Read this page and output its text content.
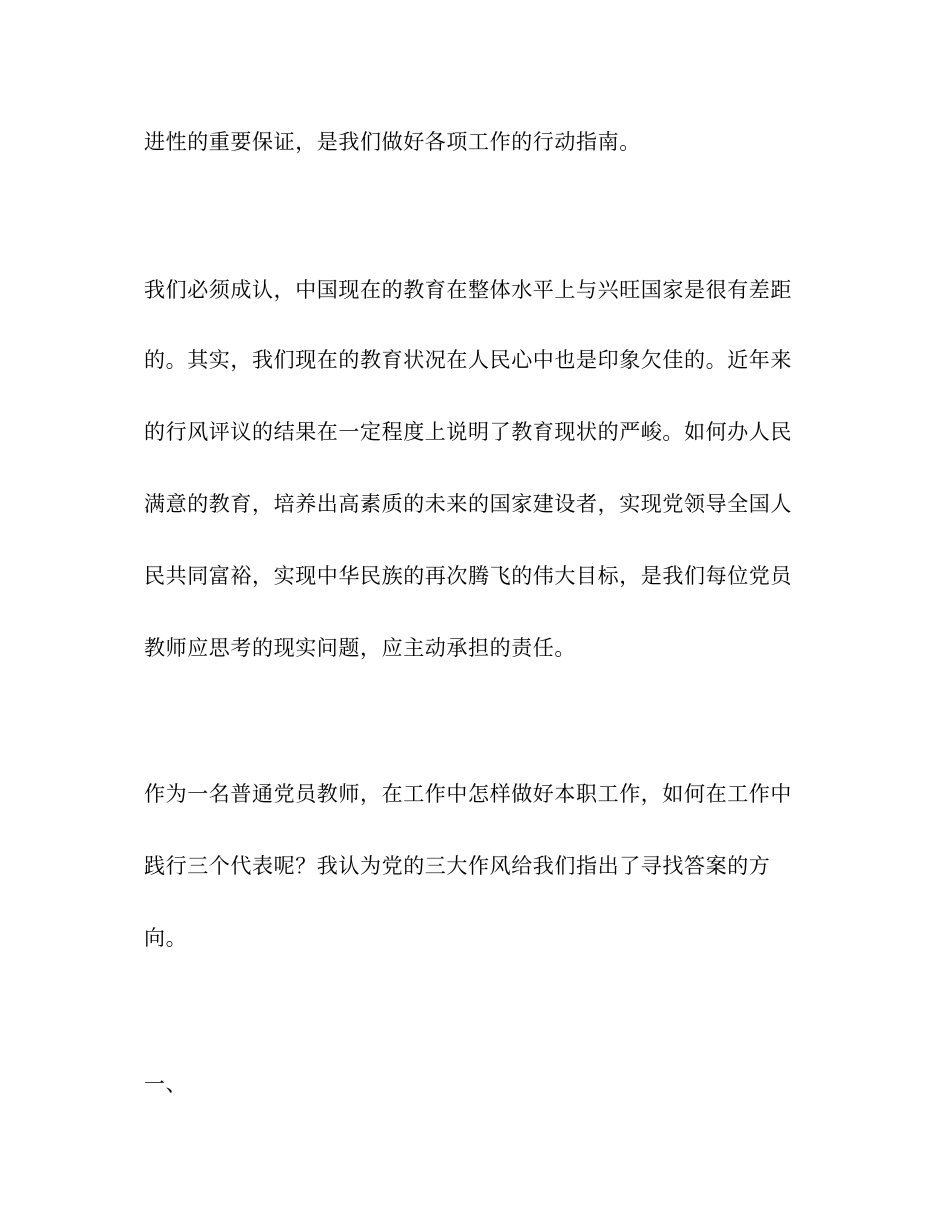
进性的重要保证，是我们做好各项工作的行动指南。
我们必须成认，中国现在的教育在整体水平上与兴旺国家是很有差距
的。其实，我们现在的教育状况在人民心中也是印象欠佳的。近年来
的行风评议的结果在一定程度上说明了教育现状的严峻。如何办人民
满意的教育，培养出高素质的未来的国家建设者，实现党领导全国人
民共同富裕，实现中华民族的再次腾飞的伟大目标，是我们每位党员
教师应思考的现实问题，应主动承担的责任。
作为一名普通党员教师，在工作中怎样做好本职工作，如何在工作中
践行三个代表呢？我认为党的三大作风给我们指出了寻找答案的方
向。
一、
